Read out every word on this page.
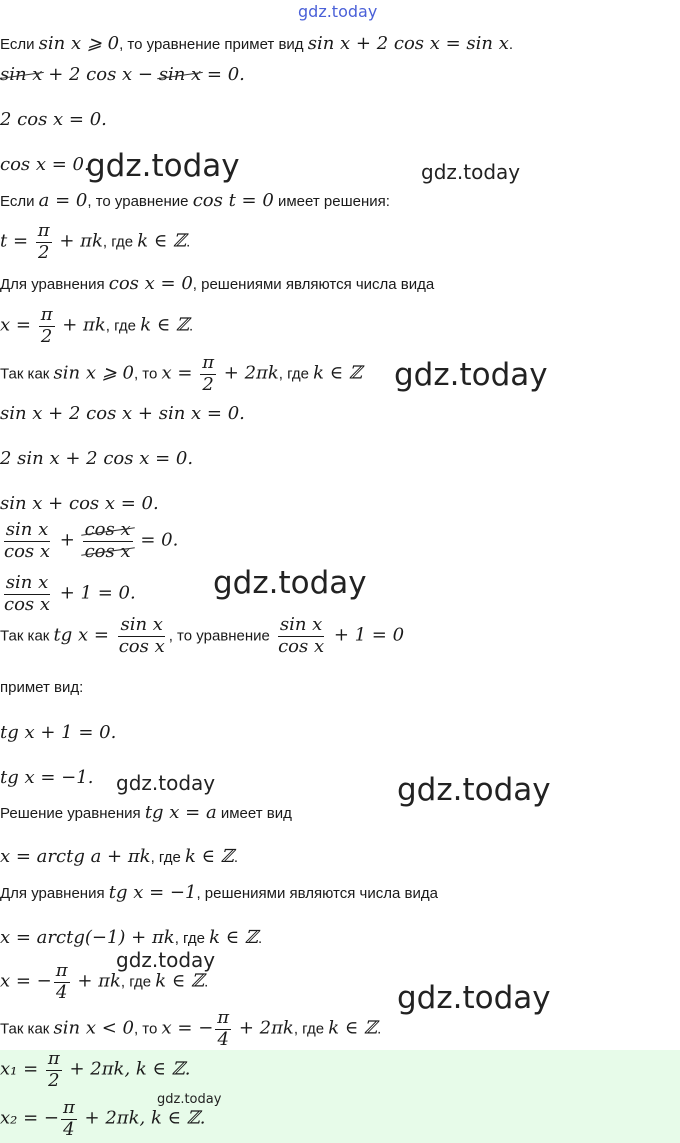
gdz.today
gdz.today	gdz.today
gdz.today
gdz.today
gdz.today	gdz.today
gdz.today
gdz.today
gdz.today
Если sin x ⩾ 0, то уравнение примет вид sin x + 2 cos x = sin x.
sin x + 2 cos x − sin x = 0.
2 cos x = 0.
cos x = 0.
Если a = 0, то уравнение cos t = 0 имеет решения:
$t = \frac{\pi}{2} + \pi k$, где k ∈ ℤ.
Для уравнения cos x = 0, решениями являются числа вида
$x = \frac{\pi}{2} + \pi k$, где k ∈ ℤ.
Так как sin x ⩾ 0, то $x = \frac{\pi}{2} + 2\pi k$, где k ∈ ℤ
sin x + 2 cos x + sin x = 0.
2 sin x + 2 cos x = 0.
sin x + cos x = 0.
$\frac{\text{sin x}}{\text{cos x}} + \frac{\text{cos x}}{\text{cos x}} = 0$.
$\frac{\text{sin x}}{\text{cos x}} + 1 = 0$.
Так как tg $x = \frac{\text{sin x}}{\text{cos x}}$ , то уравнение $\frac{\text{sin x}}{\text{cos x}} + 1 = 0$
примет вид:
tg x + 1 = 0.
tg x = −1.
Решение уравнения tg x = a имеет вид
x = arctg a + πk, где k ∈ ℤ.
Для уравнения tg x = −1, решениями являются числа вида
x = arctg(−1) + πk, где k ∈ ℤ.
x = − $\frac{\pi}{4} + \pi k$, где k ∈ ℤ.
Так как sin x < 0, то x = − $\frac{\pi}{4} + 2\pi k$, где k ∈ ℤ.
$x_1 = \frac{\pi}{2} + 2\pi k$, k ∈ ℤ.
x₂ = − $\frac{\pi}{4} + 2\pi k$, k ∈ ℤ.
